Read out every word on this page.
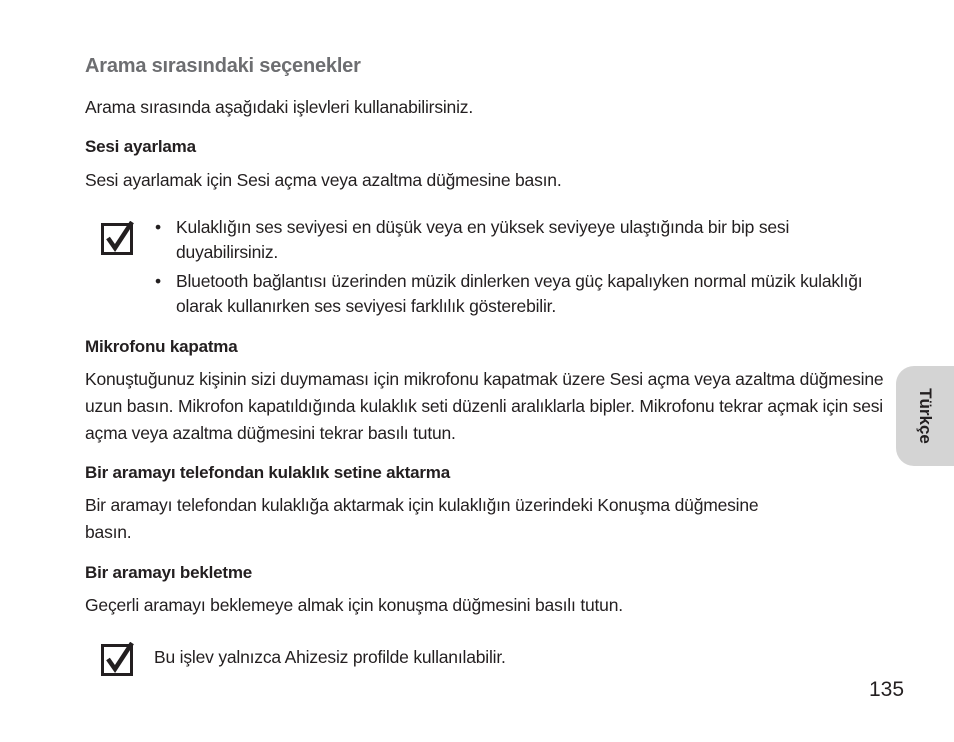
Arama sırasındaki seçenekler
Arama sırasında aşağıdaki işlevleri kullanabilirsiniz.
Sesi ayarlama
Sesi ayarlamak için Sesi açma veya azaltma düğmesine basın.
• Kulaklığın ses seviyesi en düşük veya en yüksek seviyeye ulaştığında bir bip sesi duyabilirsiniz.
• Bluetooth bağlantısı üzerinden müzik dinlerken veya güç kapalıyken normal müzik kulaklığı olarak kullanırken ses seviyesi farklılık gösterebilir.
Mikrofonu kapatma
Konuştuğunuz kişinin sizi duymaması için mikrofonu kapatmak üzere Sesi açma veya azaltma düğmesine uzun basın. Mikrofon kapatıldığında kulaklık seti düzenli aralıklarla bipler. Mikrofonu tekrar açmak için sesi açma veya azaltma düğmesini tekrar basılı tutun.
Bir aramayı telefondan kulaklık setine aktarma
Bir aramayı telefondan kulaklığa aktarmak için kulaklığın üzerindeki Konuşma düğmesine basın.
Bir aramayı bekletme
Geçerli aramayı beklemeye almak için konuşma düğmesini basılı tutun.
Bu işlev yalnızca Ahizesiz profilde kullanılabilir.
Türkçe
135
